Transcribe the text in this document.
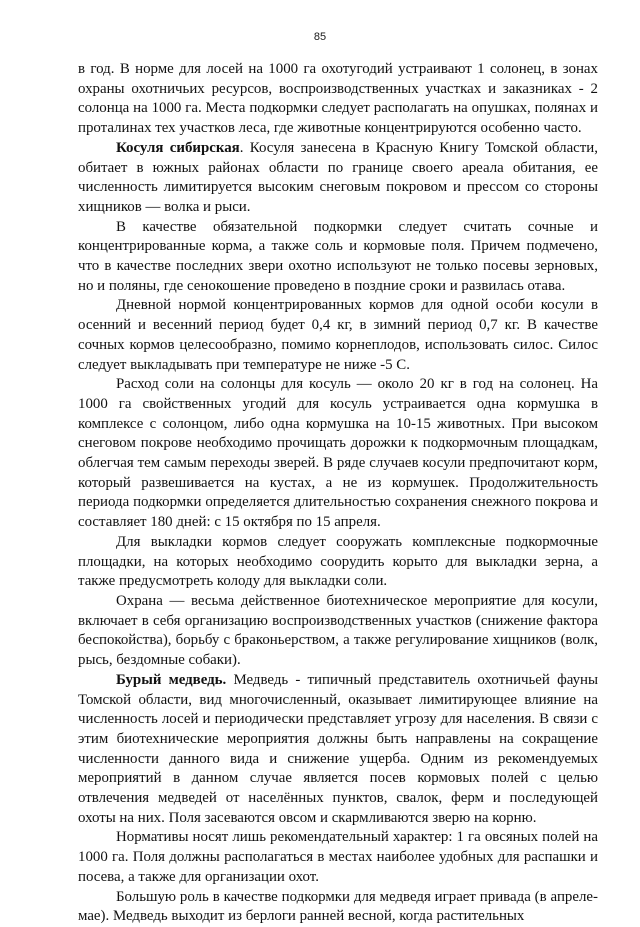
85

в год. В норме для лосей на 1000 га охотугодий устраивают 1 солонец, в зонах охраны охотничьих ресурсов, воспроизводственных участках и заказниках - 2 солонца на 1000 га. Места подкормки следует располагать на опушках, полянах и проталинах тех участков леса, где животные концентрируются особенно часто.

Косуля сибирская. Косуля занесена в Красную Книгу Томской области, обитает в южных районах области по границе своего ареала обитания, ее численность лимитируется высоким снеговым покровом и прессом со стороны хищников — волка и рыси.

В качестве обязательной подкормки следует считать сочные и концентрированные корма, а также соль и кормовые поля. Причем подмечено, что в качестве последних звери охотно используют не только посевы зерновых, но и поляны, где сенокошение проведено в поздние сроки и развилась отава.

Дневной нормой концентрированных кормов для одной особи косули в осенний и весенний период будет 0,4 кг, в зимний период 0,7 кг. В качестве сочных кормов целесообразно, помимо корнеплодов, использовать силос. Силос следует выкладывать при температуре не ниже -5 С.

Расход соли на солонцы для косуль — около 20 кг в год на солонец. На 1000 га свойственных угодий для косуль устраивается одна кормушка в комплексе с солонцом, либо одна кормушка на 10-15 животных. При высоком снеговом покрове необходимо прочищать дорожки к подкормочным площадкам, облегчая тем самым переходы зверей. В ряде случаев косули предпочитают корм, который развешивается на кустах, а не из кормушек. Продолжительность периода подкормки определяется длительностью сохранения снежного покрова и составляет 180 дней: с 15 октября по 15 апреля.

Для выкладки кормов следует сооружать комплексные подкормочные площадки, на которых необходимо соорудить корыто для выкладки зерна, а также предусмотреть колоду для выкладки соли.

Охрана — весьма действенное биотехническое мероприятие для косули, включает в себя организацию воспроизводственных участков (снижение фактора беспокойства), борьбу с браконьерством, а также регулирование хищников (волк, рысь, бездомные собаки).

Бурый медведь. Медведь - типичный представитель охотничьей фауны Томской области, вид многочисленный, оказывает лимитирующее влияние на численность лосей и периодически представляет угрозу для населения. В связи с этим биотехнические мероприятия должны быть направлены на сокращение численности данного вида и снижение ущерба. Одним из рекомендуемых мероприятий в данном случае является посев кормовых полей с целью отвлечения медведей от населённых пунктов, свалок, ферм и последующей охоты на них. Поля засеваются овсом и скармливаются зверю на корню.

Нормативы носят лишь рекомендательный характер: 1 га овсяных полей на 1000 га. Поля должны располагаться в местах наиболее удобных для распашки и посева, а также для организации охот.

Большую роль в качестве подкормки для медведя играет привада (в апреле-мае). Медведь выходит из берлоги ранней весной, когда растительных
